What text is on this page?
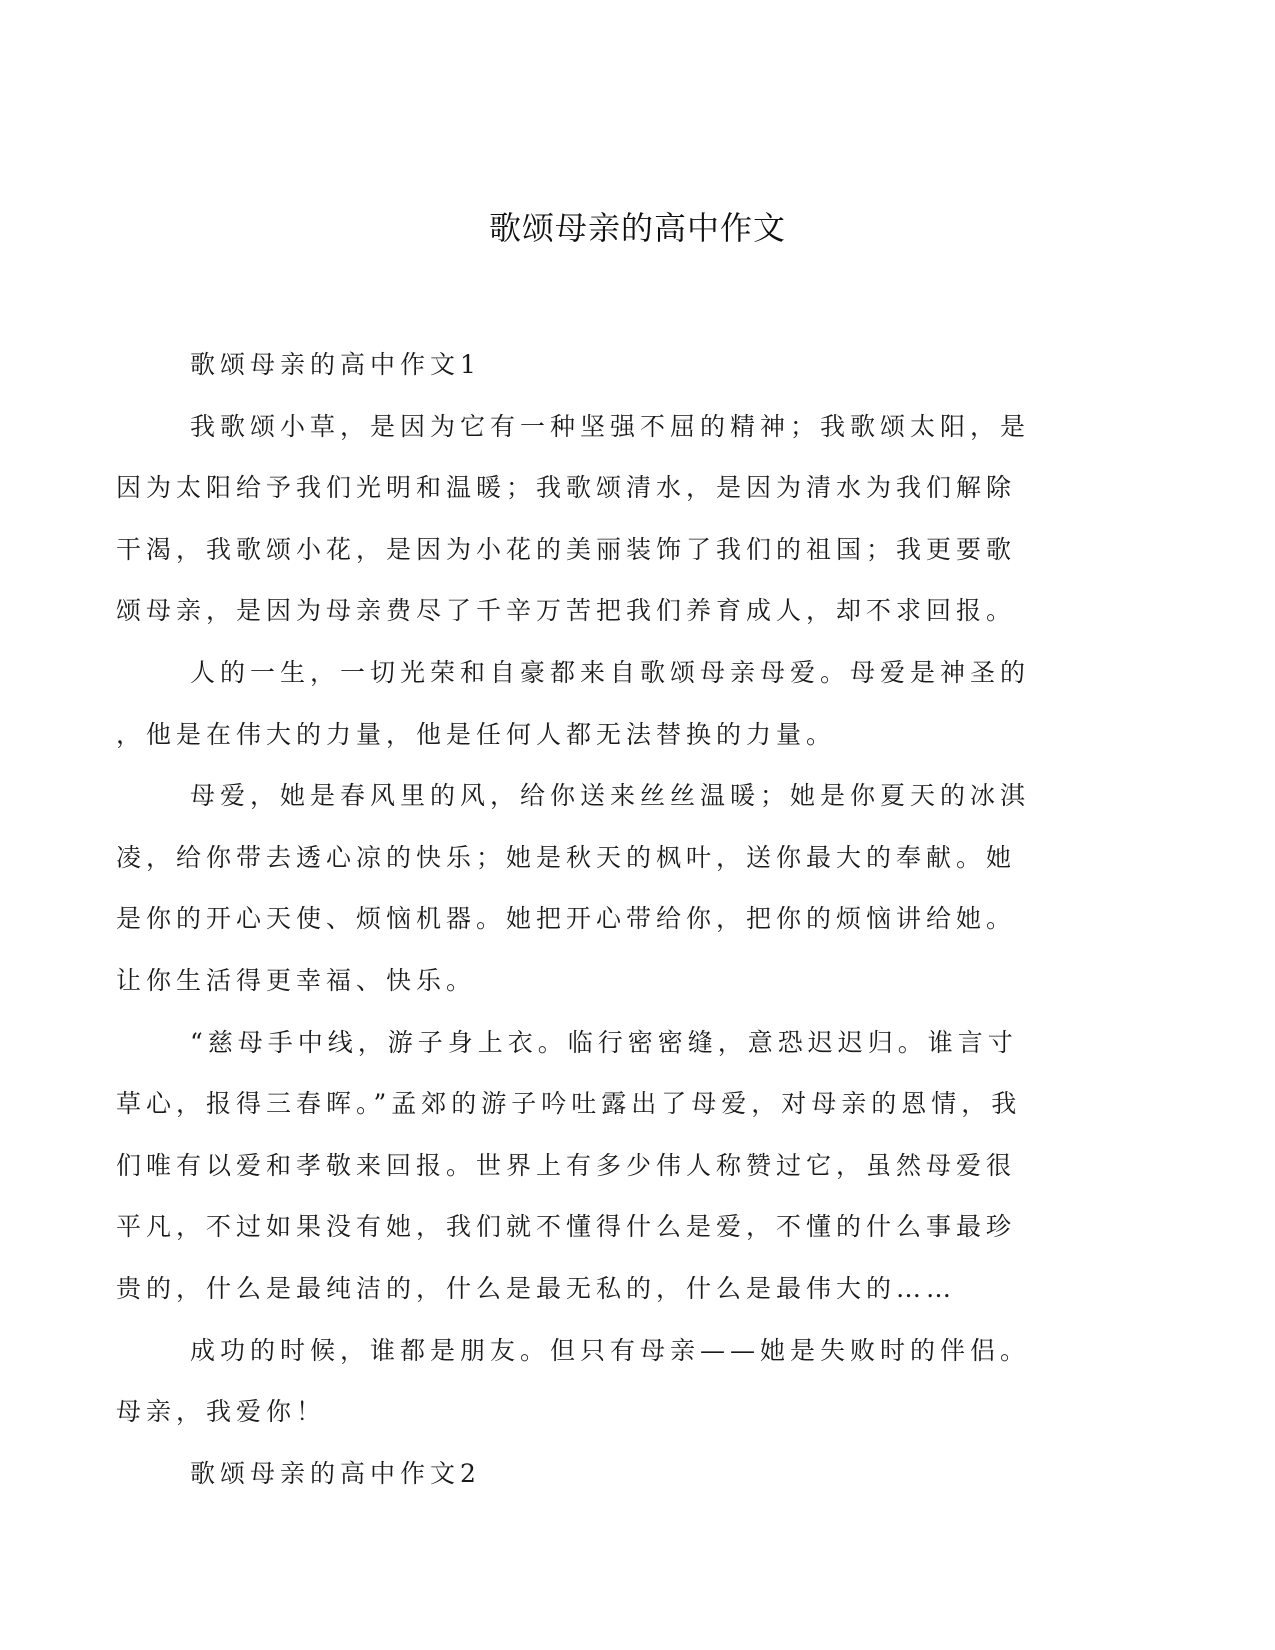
歌颂母亲的高中作文

歌颂母亲的高中作文1

我歌颂小草，是因为它有一种坚强不屈的精神；我歌颂太阳，是
因为太阳给予我们光明和温暖；我歌颂清水，是因为清水为我们解除
干渴，我歌颂小花，是因为小花的美丽装饰了我们的祖国；我更要歌
颂母亲，是因为母亲费尽了千辛万苦把我们养育成人，却不求回报。

人的一生，一切光荣和自豪都来自歌颂母亲母爱。母爱是神圣的
，他是在伟大的力量，他是任何人都无法替换的力量。

母爱，她是春风里的风，给你送来丝丝温暖；她是你夏天的冰淇
凌，给你带去透心凉的快乐；她是秋天的枫叶，送你最大的奉献。她
是你的开心天使、烦恼机器。她把开心带给你，把你的烦恼讲给她。
让你生活得更幸福、快乐。

“慈母手中线，游子身上衣。临行密密缝，意恐迟迟归。谁言寸
草心，报得三春晖。”孟郊的游子吟吐露出了母爱，对母亲的恩情，我
们唯有以爱和孝敬来回报。世界上有多少伟人称赞过它，虽然母爱很
平凡，不过如果没有她，我们就不懂得什么是爱，不懂的什么事最珍
贵的，什么是最纯洁的，什么是最无私的，什么是最伟大的……

成功的时候，谁都是朋友。但只有母亲——她是失败时的伴侣。
母亲，我爱你！

歌颂母亲的高中作文2
